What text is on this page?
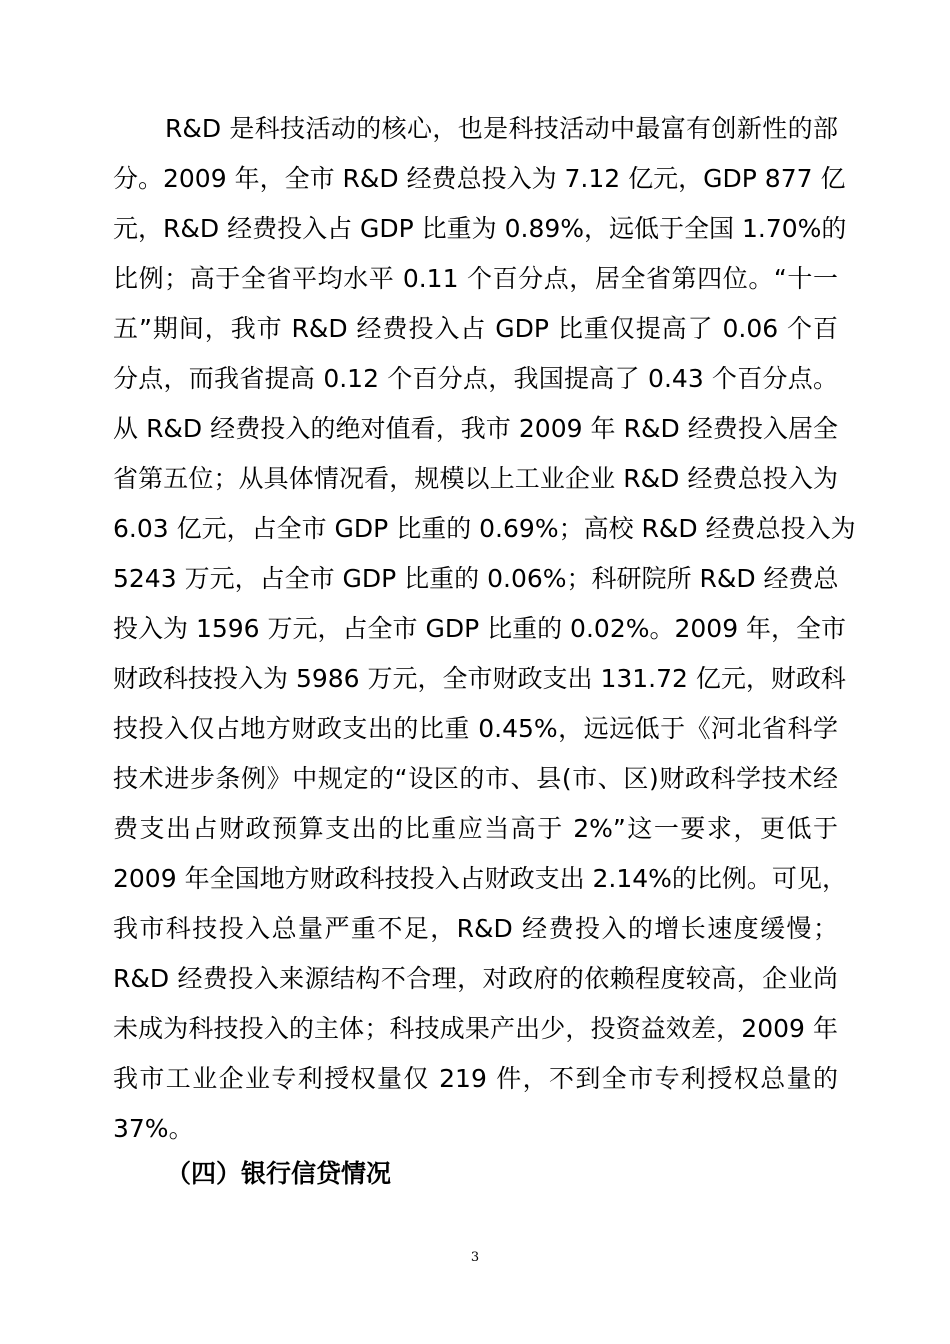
R&D 是科技活动的核心，也是科技活动中最富有创新性的部
分。2009 年，全市 R&D 经费总投入为 7.12 亿元，GDP 877 亿
元，R&D 经费投入占 GDP 比重为 0.89%，远低于全国 1.70%的
比例；高于全省平均水平 0.11 个百分点，居全省第四位。“十一
五”期间，我市 R&D 经费投入占 GDP 比重仅提高了 0.06 个百
分点，而我省提高 0.12 个百分点，我国提高了 0.43 个百分点。
从 R&D 经费投入的绝对值看，我市 2009 年 R&D 经费投入居全
省第五位；从具体情况看，规模以上工业企业 R&D 经费总投入为
6.03 亿元，占全市 GDP 比重的 0.69%；高校 R&D 经费总投入为
5243 万元，占全市 GDP 比重的 0.06%；科研院所 R&D 经费总
投入为 1596 万元，占全市 GDP 比重的 0.02%。2009 年，全市
财政科技投入为 5986 万元，全市财政支出 131.72 亿元，财政科
技投入仅占地方财政支出的比重 0.45%，远远低于《河北省科学
技术进步条例》中规定的“设区的市、县(市、区)财政科学技术经
费支出占财政预算支出的比重应当高于 2%”这一要求，更低于
2009 年全国地方财政科技投入占财政支出 2.14%的比例。可见，
我市科技投入总量严重不足，R&D 经费投入的增长速度缓慢；
R&D 经费投入来源结构不合理，对政府的依赖程度较高，企业尚
未成为科技投入的主体；科技成果产出少，投资益效差，2009 年
我市工业企业专利授权量仅 219 件，不到全市专利授权总量的
37%。
（四）银行信贷情况
3
